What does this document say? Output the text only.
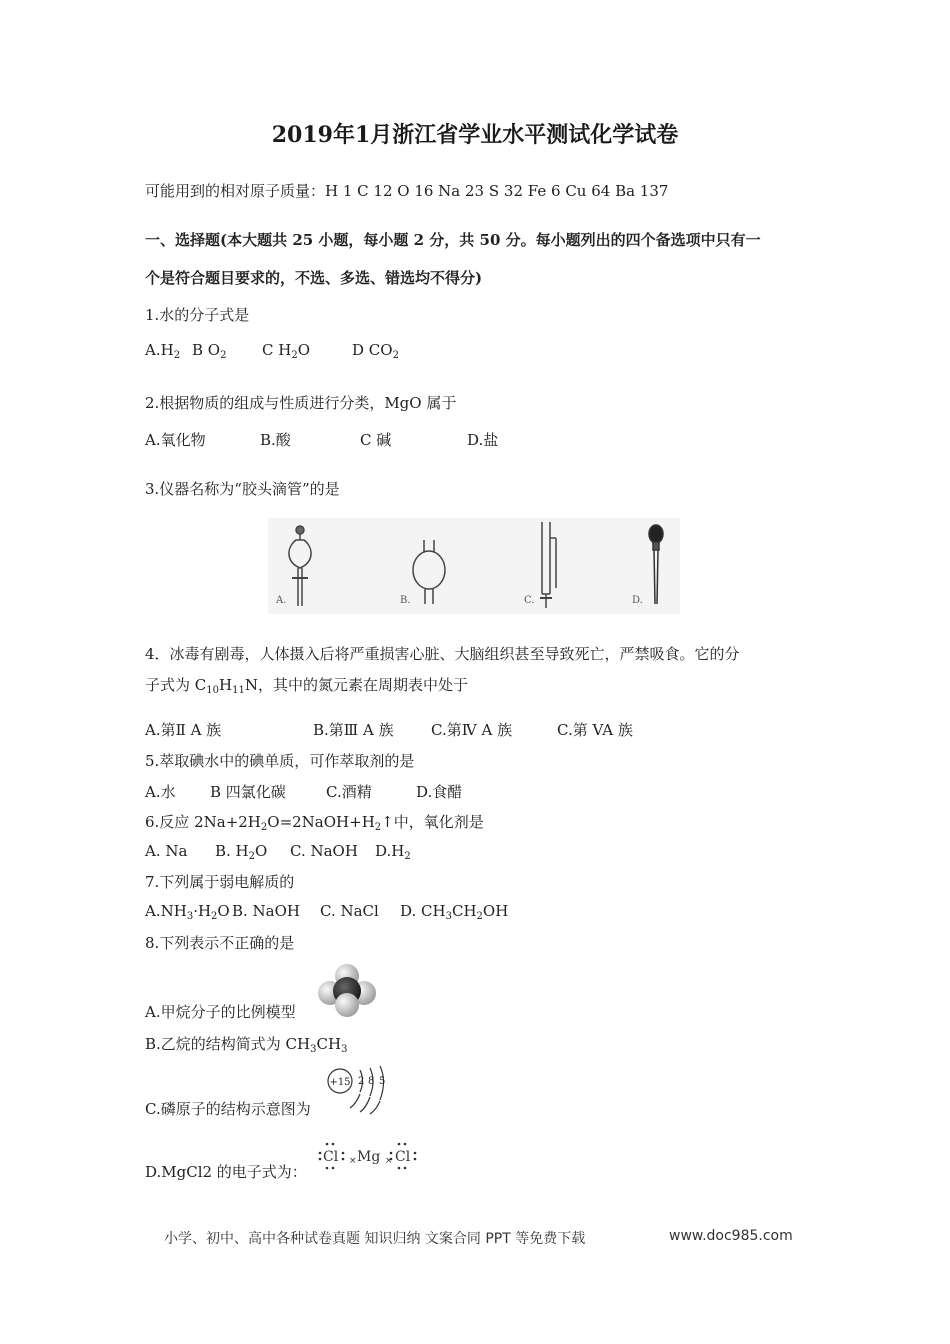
2019年1月浙江省学业水平测试化学试卷
可能用到的相对原子质量：H 1 C 12 O 16 Na 23 S 32 Fe 6 Cu 64 Ba 137
一、选择题(本大题共 25 小题，每小题 2 分，共 50 分。每小题列出的四个备选项中只有一
个是符合题目要求的，不选、多选、错选均不得分)
1.水的分子式是
$A.H_2$ B $O_2$ C $H_2O$	D $CO_2$
2.根据物质的组成与性质进行分类，MgO 属于
A.氧化物	B.酸	C 碱	D.盐
3.仪器名称为“胶头滴管”的是
A.	B.	C.	D.
4．冰毒有剧毒，人体摄入后将严重损害心脏、大脑组织甚至导致死亡，严禁吸食。它的分
子式为 $C_{10}H_{11}N$，其中的氮元素在周期表中处于
A.第Ⅱ A 族	B.第Ⅲ A 族 C.第Ⅳ A 族	C.第 VA 族
5.萃取碘水中的碘单质，可作萃取剂的是
A.水 B 四氯化碳	C.酒精	D.食醋
6.反应 $2Na+2H_2O=2NaOH+H_2↑$中，氧化剂是
A. Na B. $H_2O$ C. NaOH $D.H_2$
7.下列属于弱电解质的
$A.NH_3\cdot H_2O$ B. NaOH C. NaCl D. $CH_3CH_2OH$
8.下列表示不正确的是
A.甲烷分子的比例模型
B.乙烷的结构简式为 $CH_3CH_3$
+15 2 8 5
C.磷原子的结构示意图为
D.MgCl2 的电子式为：
Cl × Mg × Cl
小学、初中、高中各种试卷真题 知识归纳 文案合同 PPT 等免费下载	www.doc985.com
